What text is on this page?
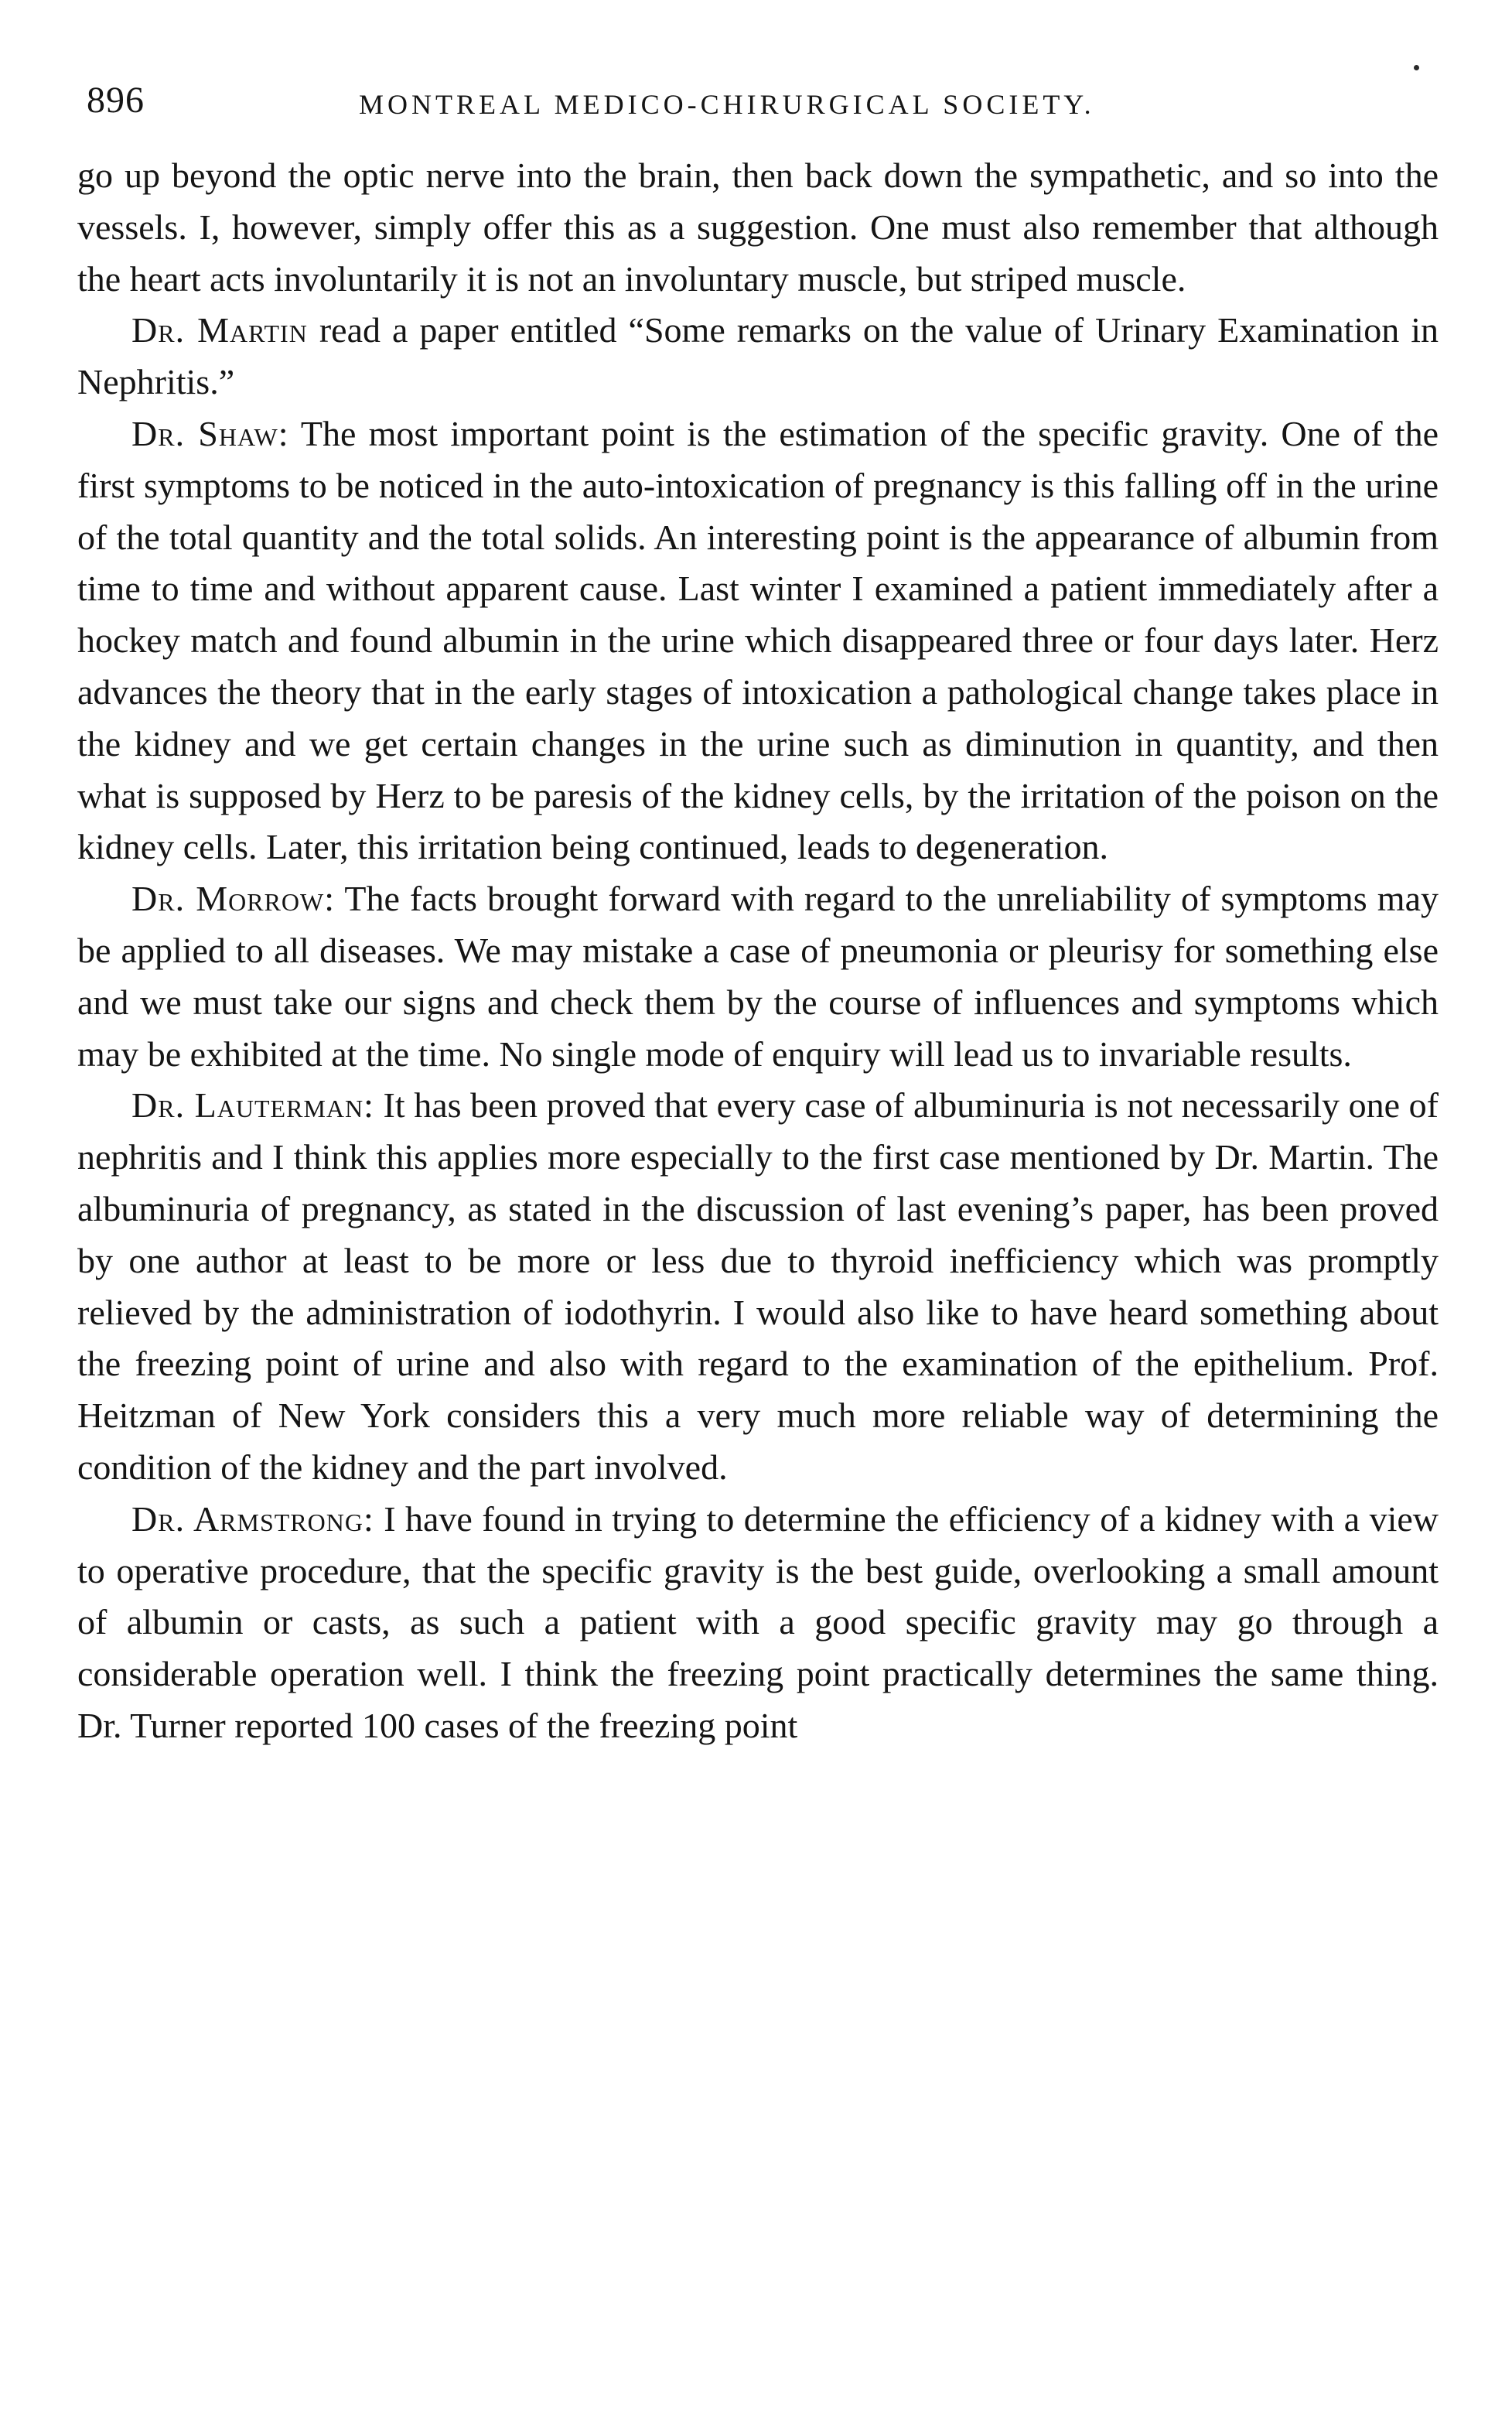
896	MONTREAL MEDICO-CHIRURGICAL SOCIETY.

go up beyond the optic nerve into the brain, then back down the sympathetic, and so into the vessels. I, however, simply offer this as a suggestion. One must also remember that although the heart acts involuntarily it is not an involuntary muscle, but striped muscle.

Dr. Martin read a paper entitled “Some remarks on the value of Urinary Examination in Nephritis.”

Dr. Shaw: The most important point is the estimation of the specific gravity. One of the first symptoms to be noticed in the auto-intoxication of pregnancy is this falling off in the urine of the total quantity and the total solids. An interesting point is the appearance of albumin from time to time and without apparent cause. Last winter I examined a patient immediately after a hockey match and found albumin in the urine which disappeared three or four days later. Herz advances the theory that in the early stages of intoxication a pathological change takes place in the kidney and we get certain changes in the urine such as diminution in quantity, and then what is supposed by Herz to be paresis of the kidney cells, by the irritation of the poison on the kidney cells. Later, this irritation being continued, leads to degeneration.

Dr. Morrow: The facts brought forward with regard to the unreliability of symptoms may be applied to all diseases. We may mistake a case of pneumonia or pleurisy for something else and we must take our signs and check them by the course of influences and symptoms which may be exhibited at the time. No single mode of enquiry will lead us to invariable results.

Dr. Lauterman: It has been proved that every case of albuminuria is not necessarily one of nephritis and I think this applies more especially to the first case mentioned by Dr. Martin. The albuminuria of pregnancy, as stated in the discussion of last evening’s paper, has been proved by one author at least to be more or less due to thyroid inefficiency which was promptly relieved by the administration of iodothyrin. I would also like to have heard something about the freezing point of urine and also with regard to the examination of the epithelium. Prof. Heitzman of New York considers this a very much more reliable way of determining the condition of the kidney and the part involved.

Dr. Armstrong: I have found in trying to determine the efficiency of a kidney with a view to operative procedure, that the specific gravity is the best guide, overlooking a small amount of albumin or casts, as such a patient with a good specific gravity may go through a considerable operation well. I think the freezing point practically determines the same thing. Dr. Turner reported 100 cases of the freezing point
